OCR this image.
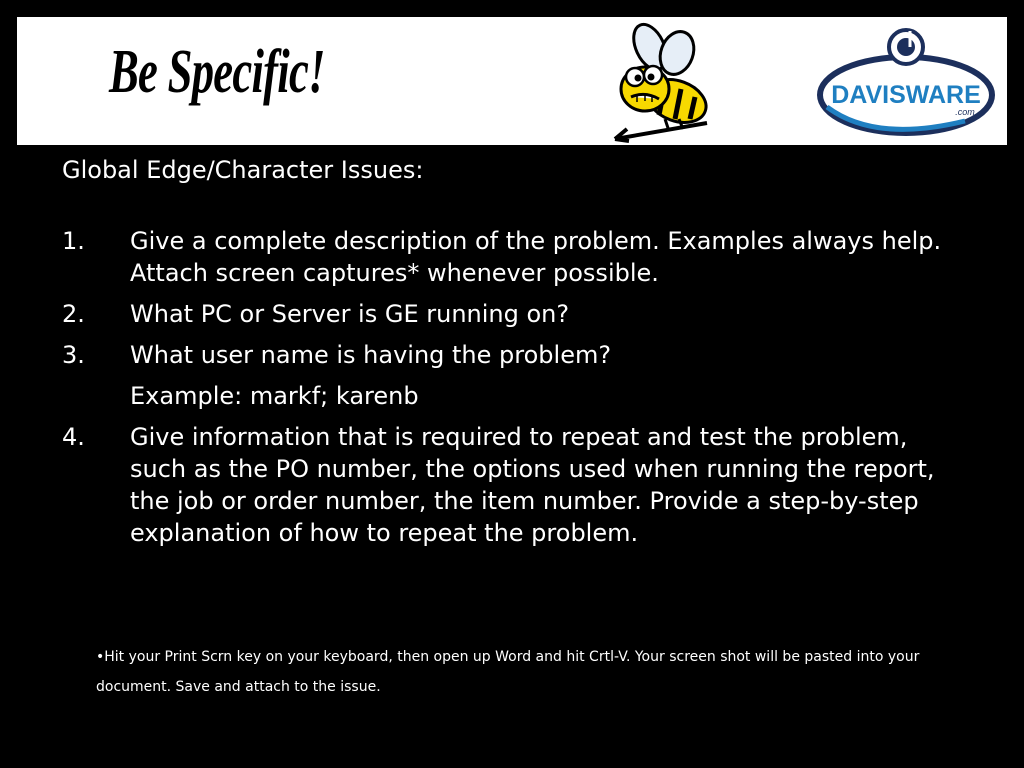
Be Specific!	DAVISWARE
.com
Global Edge/Character Issues:
1. Give a complete description of the problem. Examples always help. Attach screen captures* whenever possible.
2. What PC or Server is GE running on?
3. What user name is having the problem?
Example: markf; karenb
4. Give information that is required to repeat and test the problem, such as the PO number, the options used when running the report, the job or order number, the item number. Provide a step-by-step explanation of how to repeat the problem.
•Hit your Print Scrn key on your keyboard, then open up Word and hit Crtl-V. Your screen shot will be pasted into your document. Save and attach to the issue.
